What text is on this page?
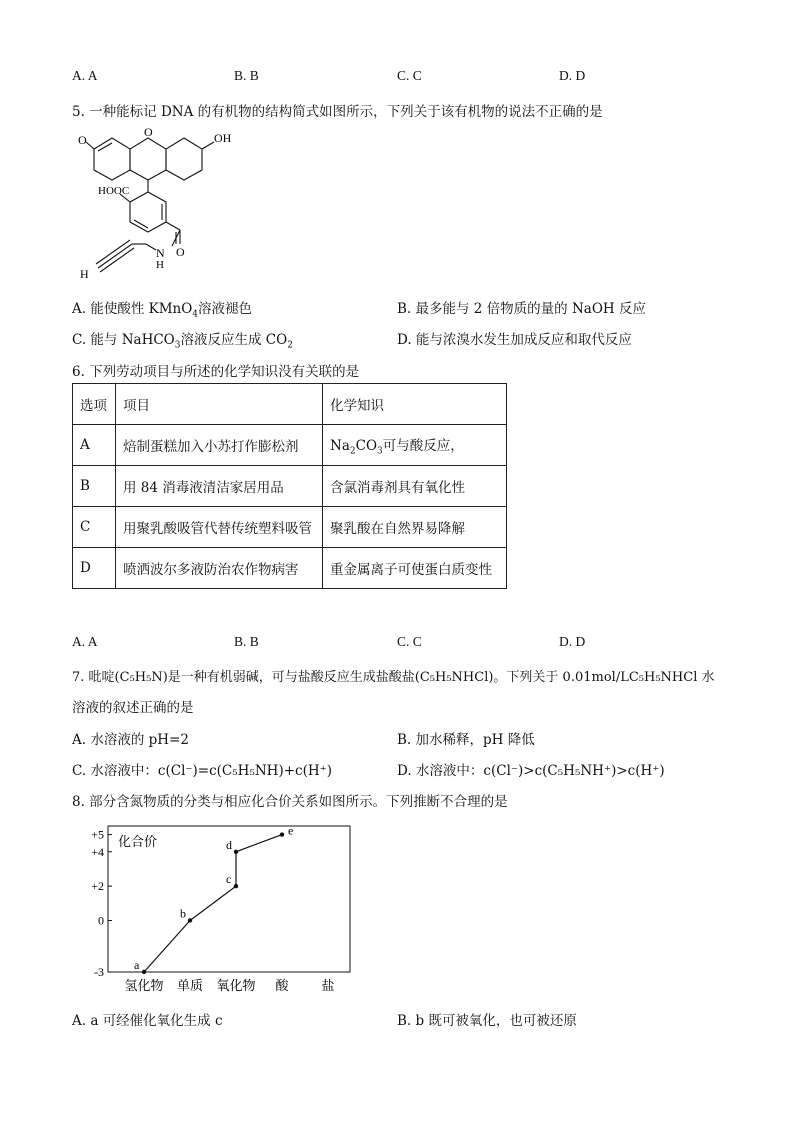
A. A	B. B	C. C	D. D
5. 一种能标记 DNA 的有机物的结构简式如图所示，下列关于该有机物的说法不正确的是
O
O	OH
HOOC
O
N
H
H
A. 能使酸性 KMnO$_4$溶液褪色	B. 最多能与 2 倍物质的量的 NaOH 反应
C. 能与 NaHCO$_3$溶液反应生成 $CO_2$	D. 能与浓溴水发生加成反应和取代反应
6. 下列劳动项目与所述的化学知识没有关联的是
选项	项目	化学知识
A	焙制蛋糕加入小苏打作膨松剂	$Na_2CO_3$可与酸反应，
B	用 84 消毒液清洁家居用品	含氯消毒剂具有氧化性
C	用聚乳酸吸管代替传统塑料吸管	聚乳酸在自然界易降解
D	喷洒波尔多液防治农作物病害	重金属离子可使蛋白质变性
A. A	B. B	C. C	D. D
7. 吡啶(C₅H₅N)是一种有机弱碱，可与盐酸反应生成盐酸盐(C₅H₅NHCl)。下列关于 0.01mol/LC₅H₅NHCl 水
溶液的叙述正确的是
A. 水溶液的 pH=2	B. 加水稀释，pH 降低
C. 水溶液中：c(Cl⁻)=c(C₅H₅NH)+c(H⁺)	D. 水溶液中：c(Cl⁻)>c(C₅H₅NH⁺)>c(H⁺)
8. 部分含氮物质的分类与相应化合价关系如图所示。下列推断不合理的是
化合价
+5
+4
+2
0
-3
氢化物 单质 氧化物 酸	盐
a
b
c
d
e
A. a 可经催化氧化生成 c	B. b 既可被氧化，也可被还原
